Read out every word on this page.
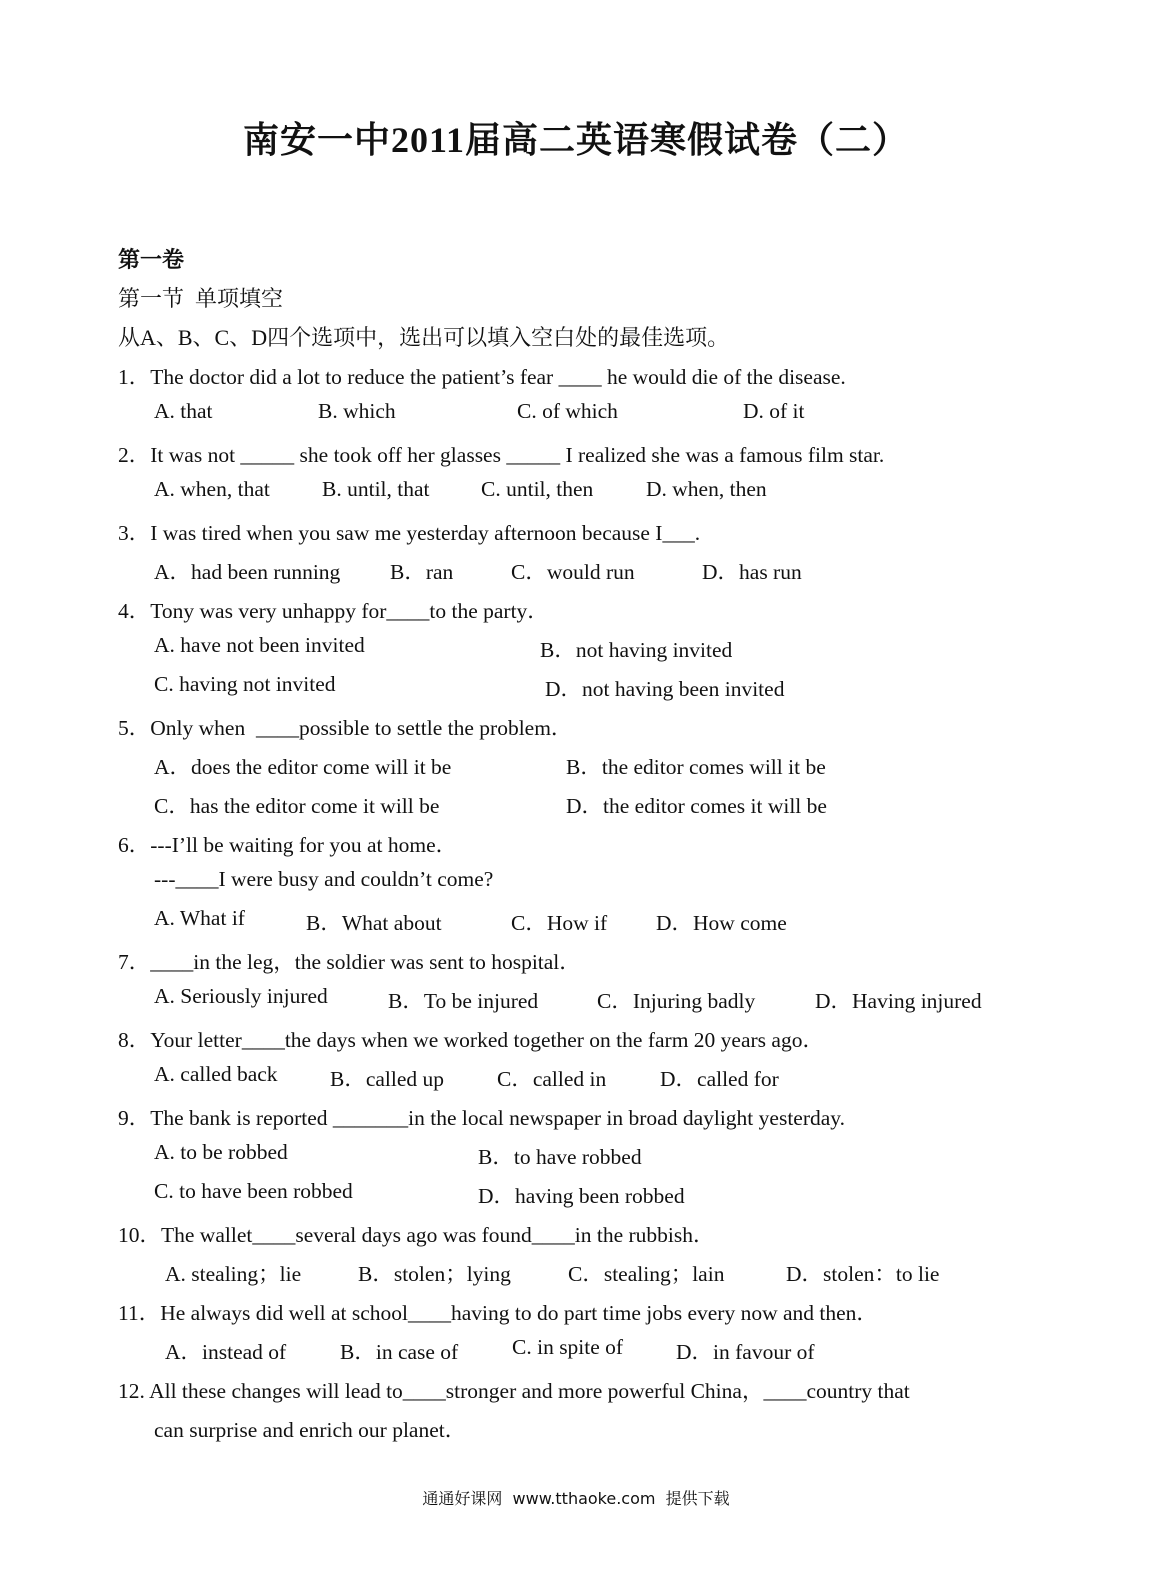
南安一中2011届高二英语寒假试卷（二）
第一卷
第一节  单项填空
从A、B、C、D四个选项中，选出可以填入空白处的最佳选项。
1．The doctor did a lot to reduce the patient’s fear ____ he would die of the disease.
A. that	B. which	C. of which	D. of it
2．It was not _____ she took off her glasses _____ I realized she was a famous film star.
A. when, that B. until, that C. until, then D. when, then
3．I was tired when you saw me yesterday afternoon because I___.
A．had been running B．ran	C．would run	D．has run
4．Tony was very unhappy for____to the party．
A. have not been invited	B．not having invited
C. having not invited	D．not having been invited
5．Only when  ____possible to settle the problem．
A．does the editor come will it be	B．the editor comes will it be
C．has the editor come it will be	D．the editor comes it will be
6．---I’ll be waiting for you at home．
---____I were busy and couldn’t come?
A. What if	B．What about	C．How if D．How come
7．____in the leg，the soldier was sent to hospital．
A. Seriously injured	B．To be injured	C．Injuring badly	D．Having injured
8．Your letter____the days when we worked together on the farm 20 years ago．
A. called back B．called up C．called in D．called for
9．The bank is reported _______in the local newspaper in broad daylight yesterday.
A. to be robbed	B．to have robbed
C. to have been robbed	D．having been robbed
10．The wallet____several days ago was found____in the rubbish．
A. stealing；lie	B．stolen；lying	C．stealing；lain	D．stolen：to lie
11．He always did well at school____having to do part time jobs every now and then．
A．instead of	B．in case of	C. in spite of D．in favour of
12. All these changes will lead to____stronger and more powerful China，____country that
can surprise and enrich our planet．
通通好课网  www.tthaoke.com  提供下载
